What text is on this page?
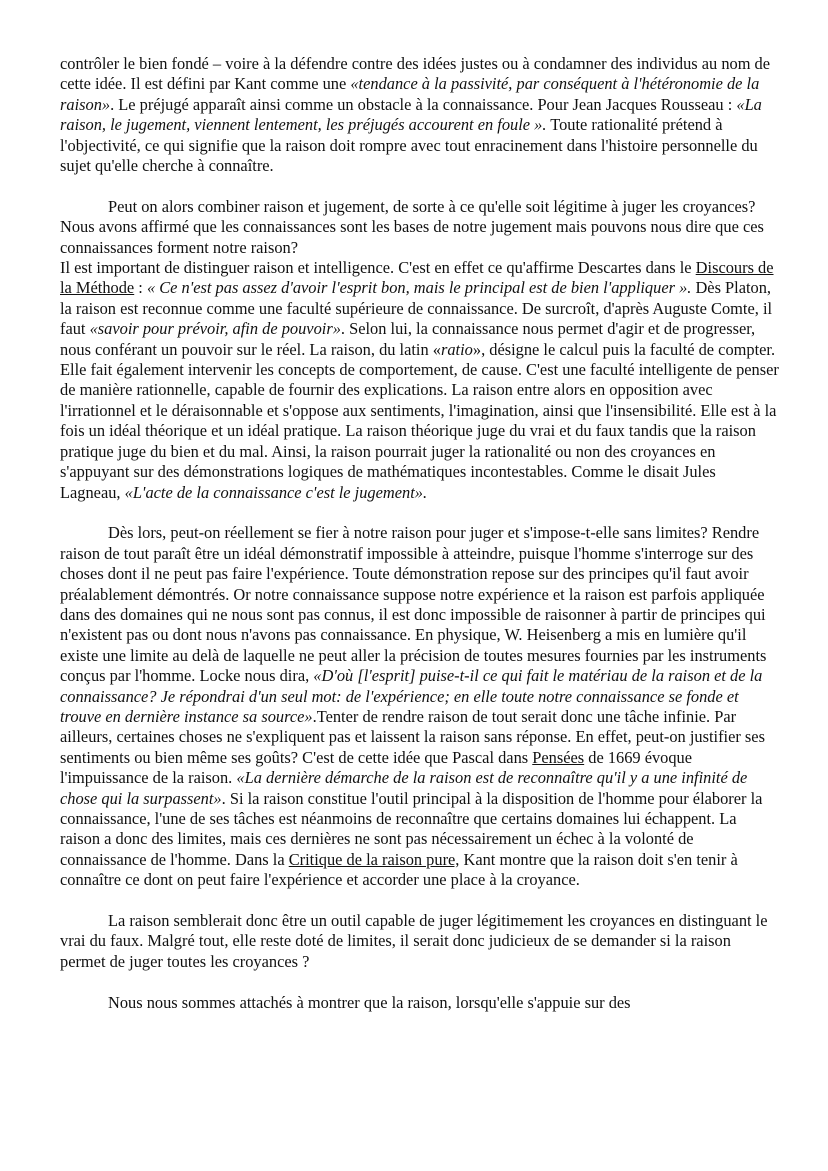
contrôler le bien fondé – voire à la défendre contre des idées justes ou à condamner des individus au nom de cette idée. Il est défini par Kant comme une «tendance à la passivité, par conséquent à l'hétéronomie de la raison». Le préjugé apparaît ainsi comme un obstacle à la connaissance. Pour Jean Jacques Rousseau : «La raison, le jugement, viennent lentement, les préjugés accourent en foule ». Toute rationalité prétend à l'objectivité, ce qui signifie que la raison doit rompre avec tout enracinement dans l'histoire personnelle du sujet qu'elle cherche à connaître.

Peut on alors combiner raison et jugement, de sorte à ce qu'elle soit légitime à juger les croyances? Nous avons affirmé que les connaissances sont les bases de notre jugement mais pouvons nous dire que ces connaissances forment notre raison?

Il est important de distinguer raison et intelligence. C'est en effet ce qu'affirme Descartes dans le Discours de la Méthode : « Ce n'est pas assez d'avoir l'esprit bon, mais le principal est de bien l'appliquer ». Dès Platon, la raison est reconnue comme une faculté supérieure de connaissance. De surcroît, d'après Auguste Comte, il faut «savoir pour prévoir, afin de pouvoir». Selon lui, la connaissance nous permet d'agir et de progresser, nous conférant un pouvoir sur le réel. La raison, du latin «ratio», désigne le calcul puis la faculté de compter. Elle fait également intervenir les concepts de comportement, de cause. C'est une faculté intelligente de penser de manière rationnelle, capable de fournir des explications. La raison entre alors en opposition avec l'irrationnel et le déraisonnable et s'oppose aux sentiments, l'imagination, ainsi que l'insensibilité. Elle est à la fois un idéal théorique et un idéal pratique. La raison théorique juge du vrai et du faux tandis que la raison pratique juge du bien et du mal. Ainsi, la raison pourrait juger la rationalité ou non des croyances en s'appuyant sur des démonstrations logiques de mathématiques incontestables. Comme le disait Jules Lagneau, «L'acte de la connaissance c'est le jugement».

Dès lors, peut-on réellement se fier à notre raison pour juger et s'impose-t-elle sans limites? Rendre raison de tout paraît être un idéal démonstratif impossible à atteindre, puisque l'homme s'interroge sur des choses dont il ne peut pas faire l'expérience. Toute démonstration repose sur des principes qu'il faut avoir préalablement démontrés. Or notre connaissance suppose notre expérience et la raison est parfois appliquée dans des domaines qui ne nous sont pas connus, il est donc impossible de raisonner à partir de principes qui n'existent pas ou dont nous n'avons pas connaissance. En physique, W. Heisenberg a mis en lumière qu'il existe une limite au delà de laquelle ne peut aller la précision de toutes mesures fournies par les instruments conçus par l'homme. Locke nous dira, «D'où [l'esprit] puise-t-il ce qui fait le matériau de la raison et de la connaissance? Je répondrai d'un seul mot: de l'expérience; en elle toute notre connaissance se fonde et trouve en dernière instance sa source».Tenter de rendre raison de tout serait donc une tâche infinie. Par ailleurs, certaines choses ne s'expliquent pas et laissent la raison sans réponse. En effet, peut-on justifier ses sentiments ou bien même ses goûts? C'est de cette idée que Pascal dans Pensées de 1669 évoque l'impuissance de la raison. «La dernière démarche de la raison est de reconnaître qu'il y a une infinité de chose qui la surpassent». Si la raison constitue l'outil principal à la disposition de l'homme pour élaborer la connaissance, l'une de ses tâches est néanmoins de reconnaître que certains domaines lui échappent. La raison a donc des limites, mais ces dernières ne sont pas nécessairement un échec à la volonté de connaissance de l'homme. Dans la Critique de la raison pure, Kant montre que la raison doit s'en tenir à connaître ce dont on peut faire l'expérience et accorder une place à la croyance.

La raison semblerait donc être un outil capable de juger légitimement les croyances en distinguant le vrai du faux. Malgré tout, elle reste doté de limites, il serait donc judicieux de se demander si la raison permet de juger toutes les croyances ?

Nous nous sommes attachés à montrer que la raison, lorsqu'elle s'appuie sur des
